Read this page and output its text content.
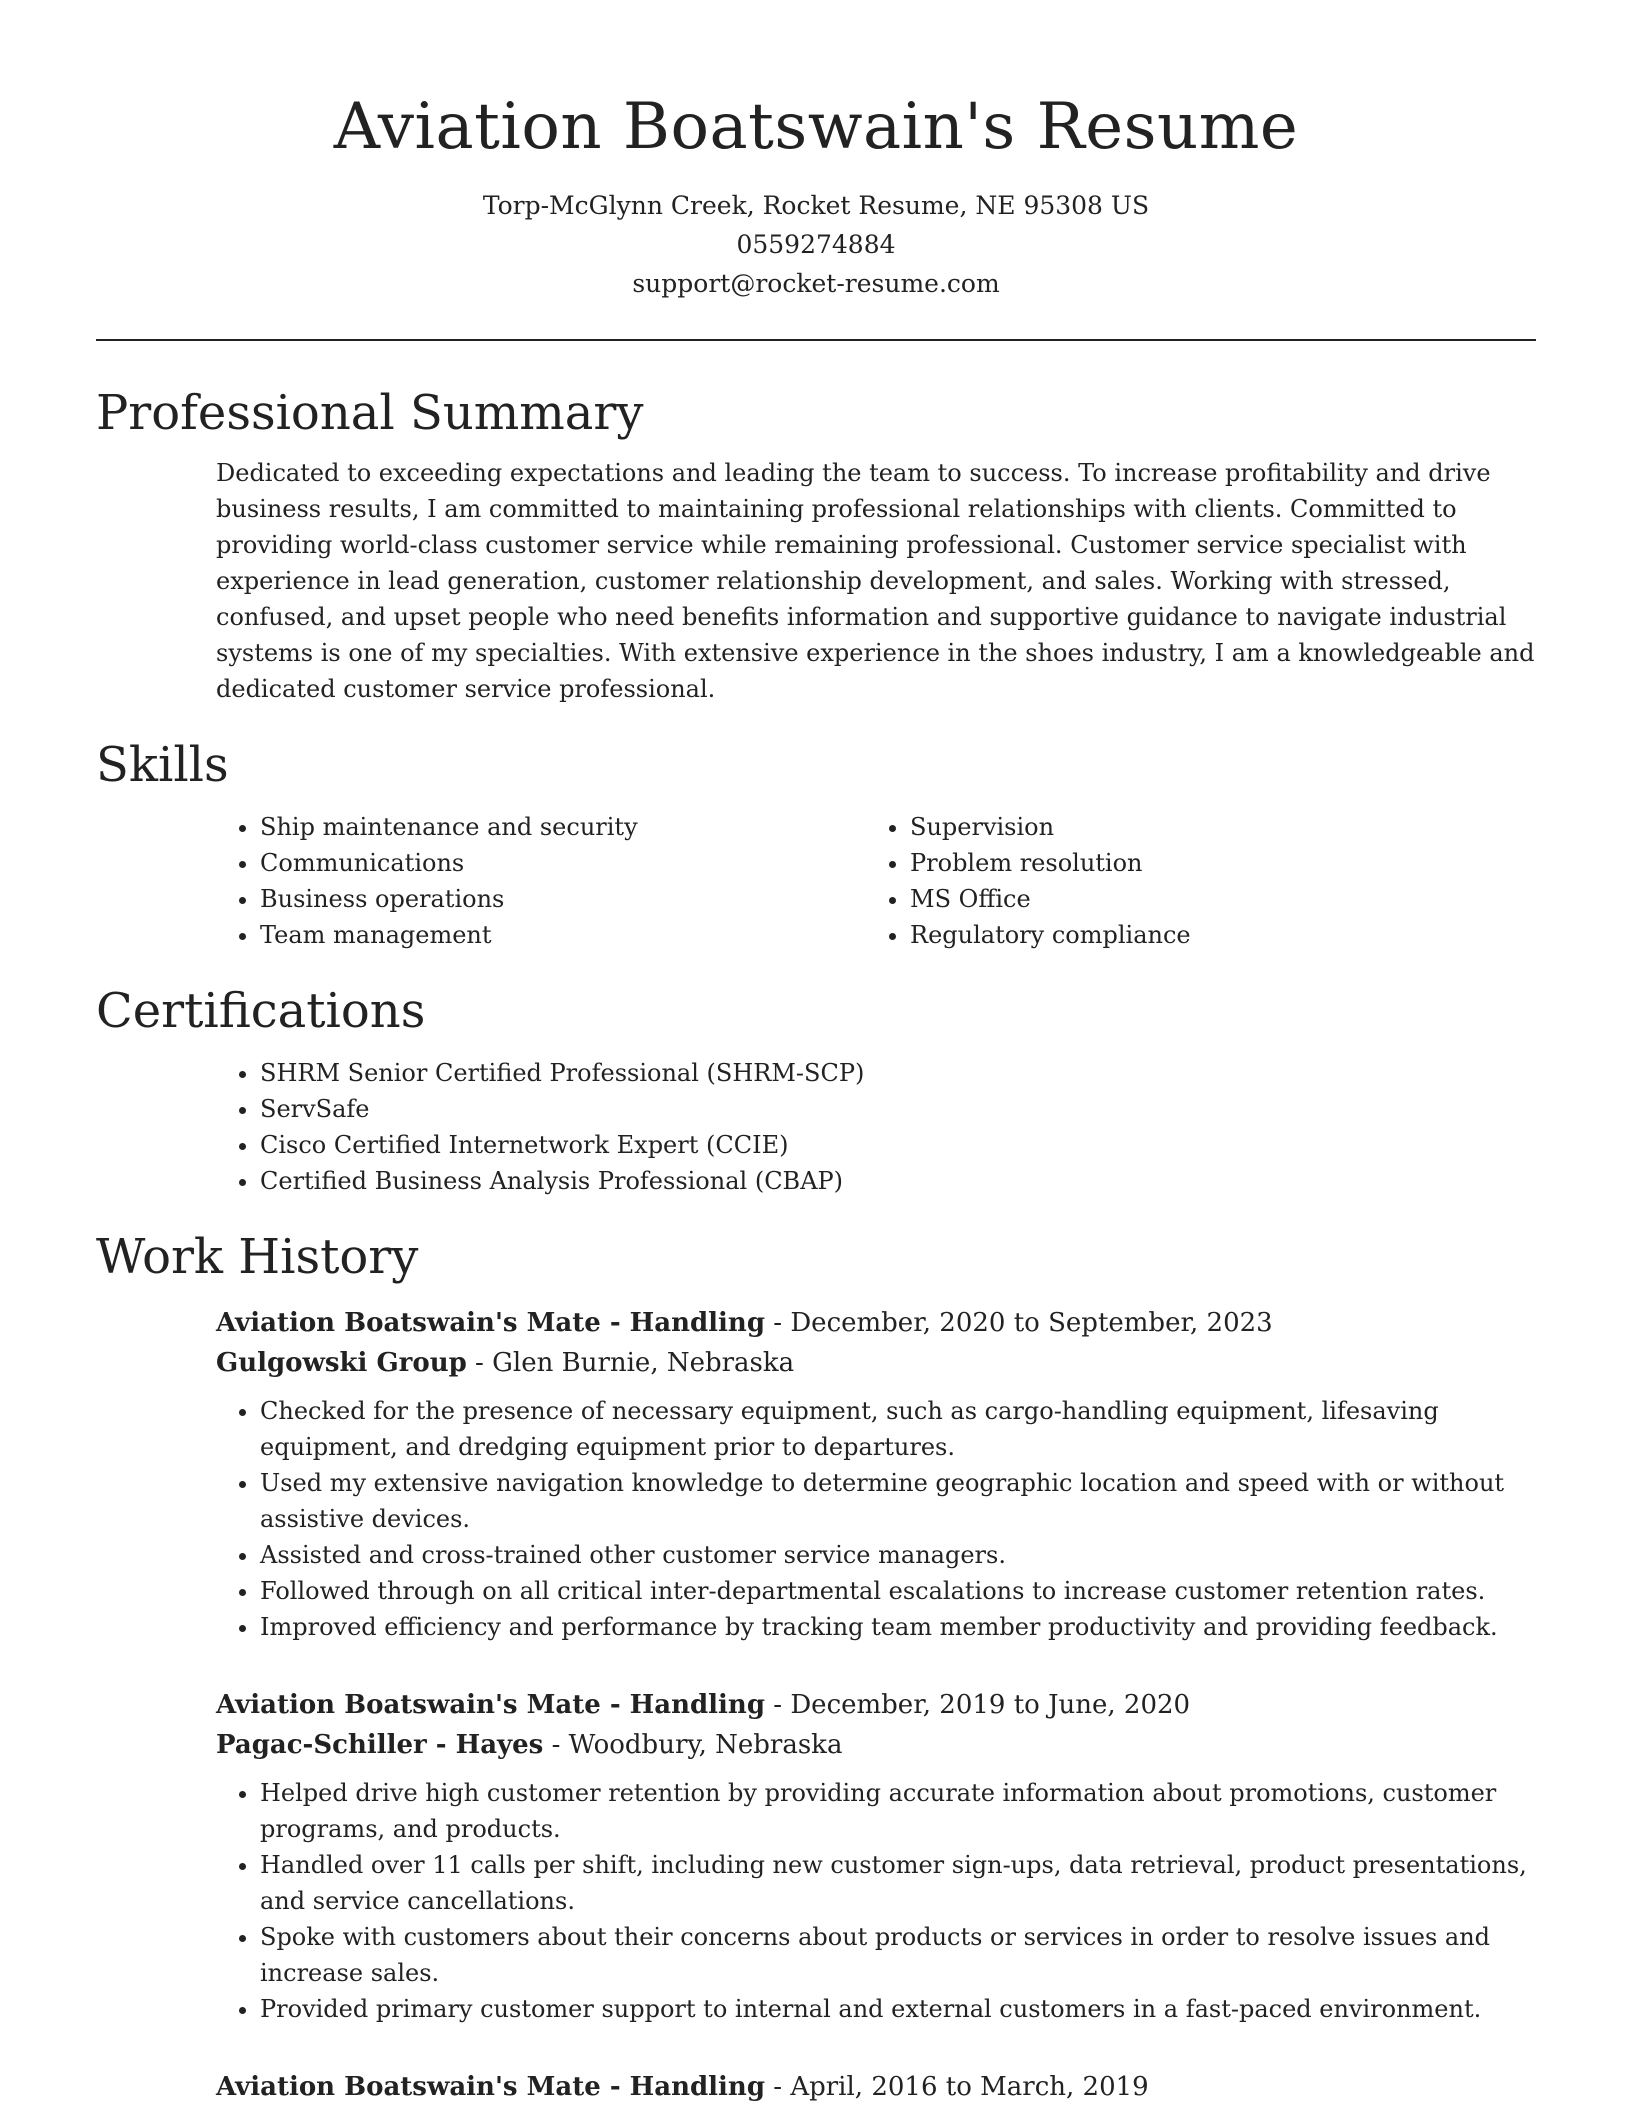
Aviation Boatswain's Resume

Torp-McGlynn Creek, Rocket Resume, NE 95308 US

0559274884

support@rocket-resume.com

Professional Summary

Dedicated to exceeding expectations and leading the team to success. To increase profitability and drive business results, I am committed to maintaining professional relationships with clients. Committed to providing world-class customer service while remaining professional. Customer service specialist with experience in lead generation, customer relationship development, and sales. Working with stressed, confused, and upset people who need benefits information and supportive guidance to navigate industrial systems is one of my specialties. With extensive experience in the shoes industry, I am a knowledgeable and dedicated customer service professional.

Skills
• Ship maintenance and security
• Communications
• Business operations
• Team management
• Supervision
• Problem resolution
• MS Office
• Regulatory compliance
Certifications
• SHRM Senior Certified Professional (SHRM-SCP)
• ServSafe
• Cisco Certified Internetwork Expert (CCIE)
• Certified Business Analysis Professional (CBAP)
Work History

Aviation Boatswain's Mate - Handling - December, 2020 to September, 2023

Gulgowski Group - Glen Burnie, Nebraska

• Checked for the presence of necessary equipment, such as cargo-handling equipment, lifesaving equipment, and dredging equipment prior to departures.
• Used my extensive navigation knowledge to determine geographic location and speed with or without assistive devices.
• Assisted and cross-trained other customer service managers.
• Followed through on all critical inter-departmental escalations to increase customer retention rates.
• Improved efficiency and performance by tracking team member productivity and providing feedback.

Aviation Boatswain's Mate - Handling - December, 2019 to June, 2020

Pagac-Schiller - Hayes - Woodbury, Nebraska

• Helped drive high customer retention by providing accurate information about promotions, customer programs, and products.
• Handled over 11 calls per shift, including new customer sign-ups, data retrieval, product presentations, and service cancellations.
• Spoke with customers about their concerns about products or services in order to resolve issues and increase sales.
• Provided primary customer support to internal and external customers in a fast-paced environment.

Aviation Boatswain's Mate - Handling - April, 2016 to March, 2019
